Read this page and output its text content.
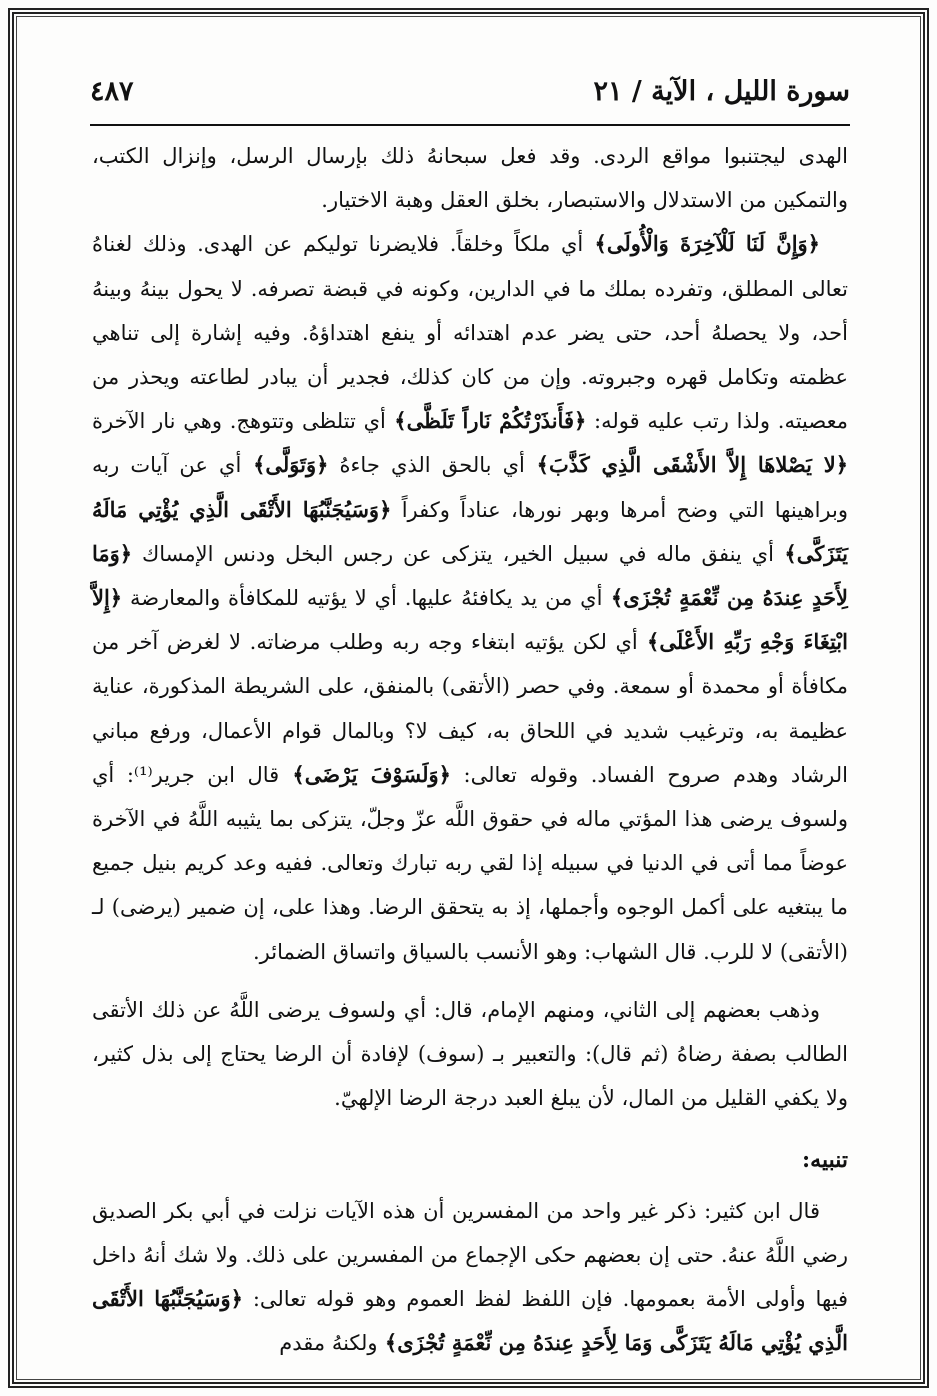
سورة الليل ، الآية / ٢١
٤٨٧

الهدى ليجتنبوا مواقع الردى. وقد فعل سبحانهُ ذلك بإرسال الرسل، وإنزال الكتب، والتمكين من الاستدلال والاستبصار، بخلق العقل وهبة الاختيار.

﴿وَإِنَّ لَنَا لَلْآخِرَةَ وَالْأُولَى﴾ أي ملكاً وخلقاً. فلايضرنا توليكم عن الهدى. وذلك لغناهُ تعالى المطلق، وتفرده بملك ما في الدارين، وكونه في قبضة تصرفه. لا يحول بينهُ وبينهُ أحد، ولا يحصلهُ أحد، حتى يضر عدم اهتدائه أو ينفع اهتداؤهُ. وفيه إشارة إلى تناهي عظمته وتكامل قهره وجبروته. وإن من كان كذلك، فجدير أن يبادر لطاعته ويحذر من معصيته. ولذا رتب عليه قوله: ﴿فَأَنذَرْتُكُمْ نَاراً تَلَظَّى﴾ أي تتلظى وتتوهج. وهي نار الآخرة ﴿لا يَصْلاهَا إِلاَّ الأَشْقَى الَّذِي كَذَّبَ﴾ أي بالحق الذي جاءهُ ﴿وَتَوَلَّى﴾ أي عن آيات ربه وبراهينها التي وضح أمرها وبهر نورها، عناداً وكفراً ﴿وَسَيُجَنَّبُهَا الأَتْقَى الَّذِي يُؤْتِي مَالَهُ يَتَزَكَّى﴾ أي ينفق ماله في سبيل الخير، يتزكى عن رجس البخل ودنس الإمساك ﴿وَمَا لِأَحَدٍ عِندَهُ مِن نِّعْمَةٍ تُجْزَى﴾ أي من يد يكافئهُ عليها. أي لا يؤتيه للمكافأة والمعارضة ﴿إِلاَّ ابْتِغَاءَ وَجْهِ رَبِّهِ الأَعْلَى﴾ أي لكن يؤتيه ابتغاء وجه ربه وطلب مرضاته. لا لغرض آخر من مكافأة أو محمدة أو سمعة. وفي حصر (الأتقى) بالمنفق، على الشريطة المذكورة، عناية عظيمة به، وترغيب شديد في اللحاق به، كيف لا؟ وبالمال قوام الأعمال، ورفع مباني الرشاد وهدم صروح الفساد. وقوله تعالى: ﴿وَلَسَوْفَ يَرْضَى﴾ قال ابن جرير⁽¹⁾: أي ولسوف يرضى هذا المؤتي ماله في حقوق اللَّه عزّ وجلّ، يتزكى بما يثيبه اللَّهُ في الآخرة عوضاً مما أتى في الدنيا في سبيله إذا لقي ربه تبارك وتعالى. ففيه وعد كريم بنيل جميع ما يبتغيه على أكمل الوجوه وأجملها، إذ به يتحقق الرضا. وهذا على، إن ضمير (يرضى) لـ (الأتقى) لا للرب. قال الشهاب: وهو الأنسب بالسياق واتساق الضمائر.

وذهب بعضهم إلى الثاني، ومنهم الإمام، قال: أي ولسوف يرضى اللَّهُ عن ذلك الأتقى الطالب بصفة رضاهُ (ثم قال): والتعبير بـ (سوف) لإفادة أن الرضا يحتاج إلى بذل كثير، ولا يكفي القليل من المال، لأن يبلغ العبد درجة الرضا الإلهيّ.

تنبيه:

قال ابن كثير: ذكر غير واحد من المفسرين أن هذه الآيات نزلت في أبي بكر الصديق رضي اللَّهُ عنهُ. حتى إن بعضهم حكى الإجماع من المفسرين على ذلك. ولا شك أنهُ داخل فيها وأولى الأمة بعمومها. فإن اللفظ لفظ العموم وهو قوله تعالى: ﴿وَسَيُجَنَّبُهَا الأَتْقَى الَّذِي يُؤْتِي مَالَهُ يَتَزَكَّى وَمَا لِأَحَدٍ عِندَهُ مِن نِّعْمَةٍ تُجْزَى﴾ ولكنهُ مقدم
